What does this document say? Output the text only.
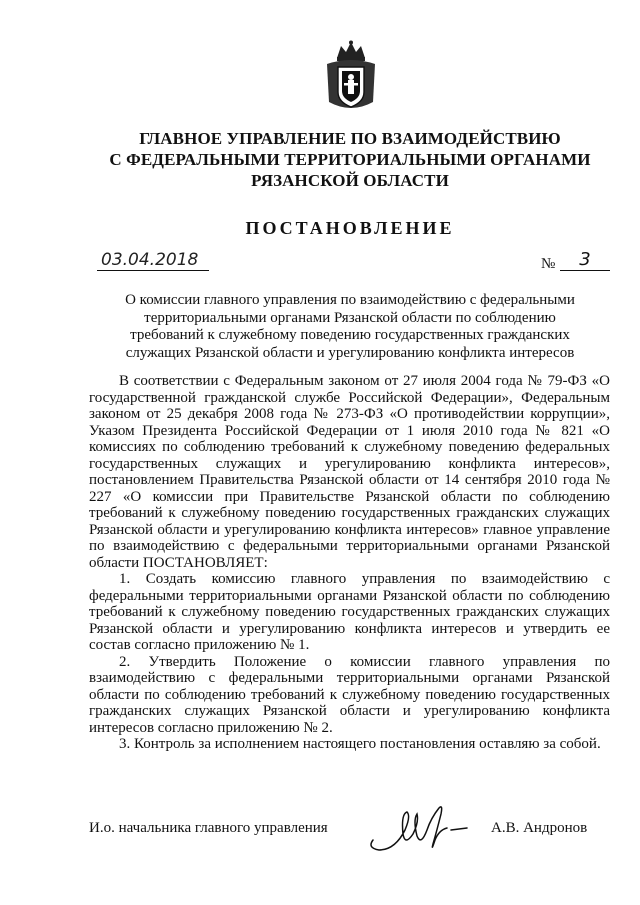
ГЛАВНОЕ УПРАВЛЕНИЕ ПО ВЗАИМОДЕЙСТВИЮ
С ФЕДЕРАЛЬНЫМИ ТЕРРИТОРИАЛЬНЫМИ ОРГАНАМИ
РЯЗАНСКОЙ ОБЛАСТИ
ПОСТАНОВЛЕНИЕ
03.04.2018	№	3
О комиссии главного управления по взаимодействию с федеральными
территориальными органами Рязанской области по соблюдению
требований к служебному поведению государственных гражданских
служащих Рязанской области и урегулированию конфликта интересов

В соответствии с Федеральным законом от 27 июля 2004 года № 79-ФЗ «О государственной гражданской службе Российской Федерации», Федеральным законом от 25 декабря 2008 года № 273-ФЗ «О противодействии коррупции», Указом Президента Российской Федерации от 1 июля 2010 года № 821 «О комиссиях по соблюдению требований к служебному поведению федеральных государственных служащих и урегулированию конфликта интересов», постановлением Правительства Рязанской области от 14 сентября 2010 года № 227 «О комиссии при Правительстве Рязанской области по соблюдению требований к служебному поведению государственных гражданских служащих Рязанской области и урегулированию конфликта интересов» главное управление по взаимодействию с федеральными территориальными органами Рязанской области ПОСТАНОВЛЯЕТ:

1. Создать комиссию главного управления по взаимодействию с федеральными территориальными органами Рязанской области по соблюдению требований к служебному поведению государственных гражданских служащих Рязанской области и урегулированию конфликта интересов и утвердить ее состав согласно приложению № 1.

2. Утвердить Положение о комиссии главного управления по взаимодействию с федеральными территориальными органами Рязанской области по соблюдению требований к служебному поведению государственных гражданских служащих Рязанской области и урегулированию конфликта интересов согласно приложению № 2.

3. Контроль за исполнением настоящего постановления оставляю за собой.

И.о. начальника главного управления	А.В. Андронов
